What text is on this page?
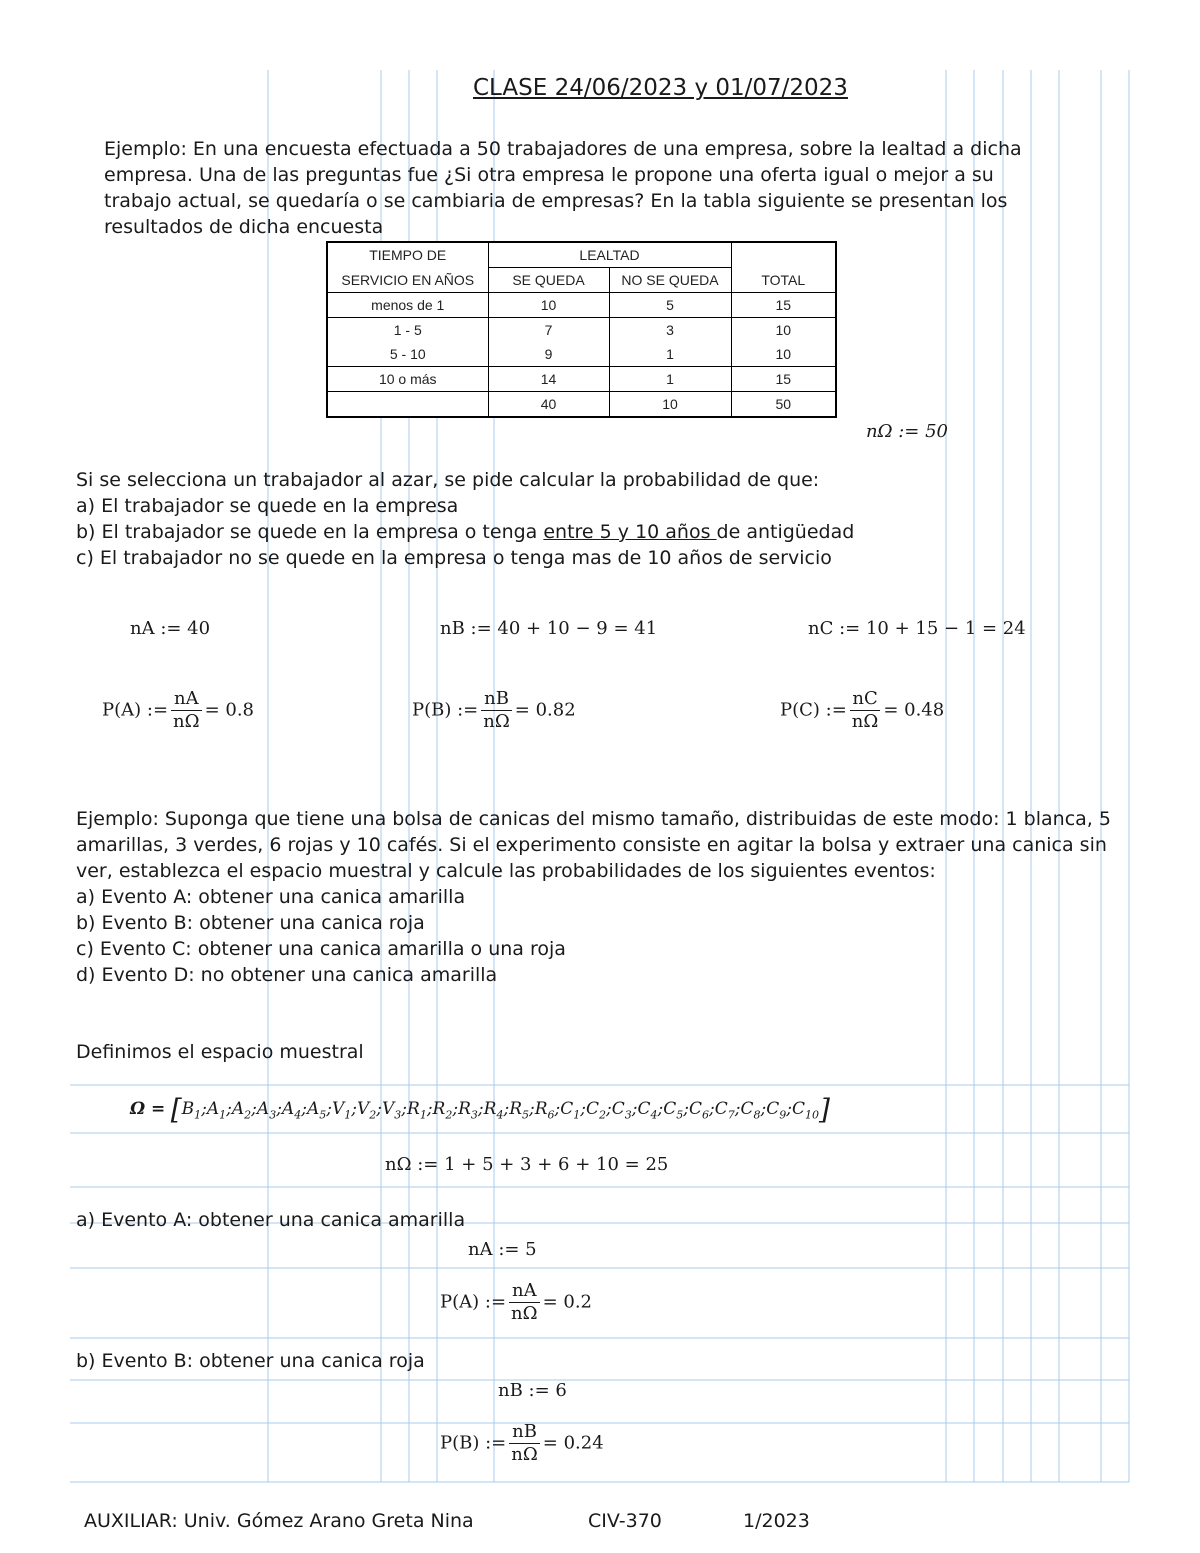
CLASE 24/06/2023 y 01/07/2023
Ejemplo: En una encuesta efectuada a 50 trabajadores de una empresa, sobre la lealtad a dicha
empresa. Una de las preguntas fue ¿Si otra empresa le propone una oferta igual o mejor a su
trabajo actual, se quedaría o se cambiaria de empresas? En la tabla siguiente se presentan los
resultados de dicha encuesta
TIEMPO DE	LEALTAD		
SERVICIO EN AÑOS	SE QUEDA	NO SE QUEDA	TOTAL
menos de 1	10	5	15
1 - 5	7	3	10
5 - 10	9	1	10
10 o más	14	1	15
	40	10	50
nΩ := 50
Si se selecciona un trabajador al azar, se pide calcular la probabilidad de que:
a) El trabajador se quede en la empresa
b) El trabajador se quede en la empresa o tenga entre 5 y 10 años de antigüedad
c) El trabajador no se quede en la empresa o tenga mas de 10 años de servicio
nA := 40	nB := 40 + 10 − 9 = 41	nC := 10 + 15 − 1 = 24
P(A) := $\frac{nA}{n\Omega} = 0.8$	P(B) := $\frac{nB}{n\Omega} = 0.82$	P(C) := $\frac{nC}{n\Omega} = 0.48$
Ejemplo: Suponga que tiene una bolsa de canicas del mismo tamaño, distribuidas de este modo: 1 blanca, 5
amarillas, 3 verdes, 6 rojas y 10 cafés. Si el experimento consiste en agitar la bolsa y extraer una canica sin
ver, establezca el espacio muestral y calcule las probabilidades de los siguientes eventos:
a) Evento A: obtener una canica amarilla
b) Evento B: obtener una canica roja
c) Evento C: obtener una canica amarilla o una roja
d) Evento D: no obtener una canica amarilla
Definimos el espacio muestral
$\Omega = [B_1;A_1;A_2;A_3;A_4;A_5;V_1;V_2;V_3;R_1;R_2;R_3;R_4;R_5;R_6;C_1;C_2;C_3;C_4;C_5;C_6;C_7;C_8;C_9;C_{10}]$
nΩ := 1 + 5 + 3 + 6 + 10 = 25
a) Evento A: obtener una canica amarilla
nA := 5
P(A) := $\frac{nA}{n\Omega} = 0.2$
b) Evento B: obtener una canica roja
nB := 6
P(B) := $\frac{nB}{n\Omega} = 0.24$
AUXILIAR: Univ. Gómez Arano Greta Nina	CIV-370	1/2023
